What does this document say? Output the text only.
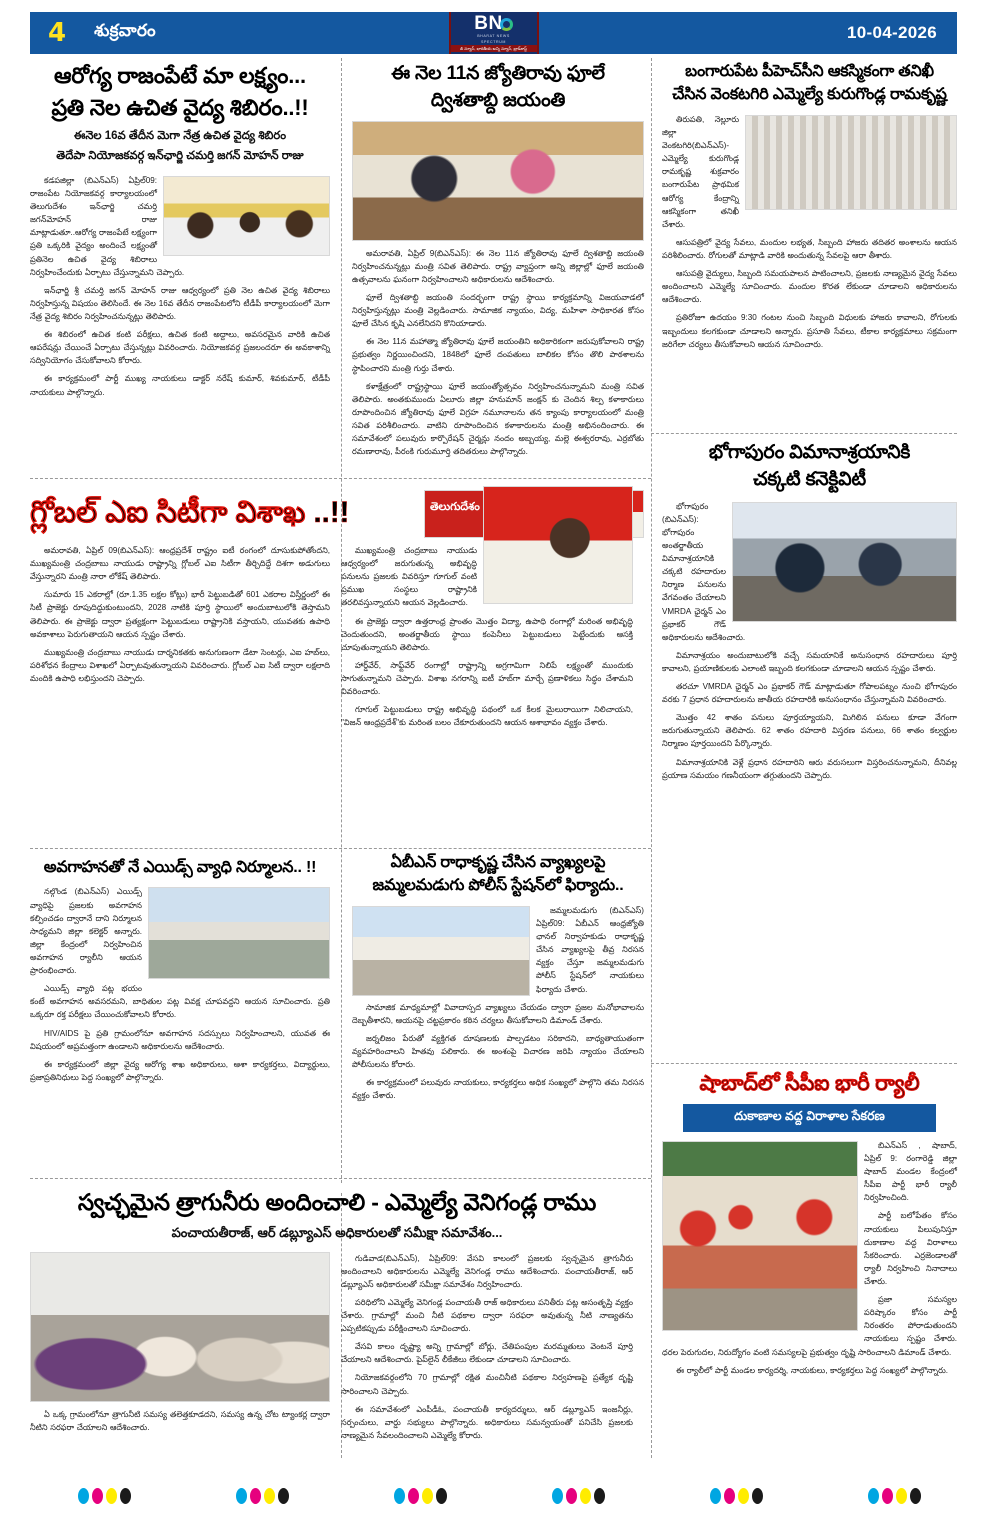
4 శుక్రవారం	BN
BHARAT NEWS
SPECTRUM
బి న్యూస్, భారతీయ అన్ని న్యూస్, బ్రాడ్‌కాస్ట్
10-04-2026
ఆరోగ్య రాజంపేటే మా లక్ష్యం...
ప్రతి నెల ఉచిత వైద్య శిబిరం..!!
ఈనెల 16వ తేదీన మెగా నేత్ర ఉచిత వైద్య శిబిరం
తెదేపా నియోజకవర్గ ఇన్‌ఛార్జి చమర్తి జగన్ మోహన్ రాజు

కడపజిల్లా (బిఎన్ఎస్) ఏప్రిల్09: రాజంపేట నియోజకవర్గ కార్యాలయంలో తెలుగుదేశం ఇన్‌ఛార్జి చమర్తి జగన్‌మోహన్ రాజు మాట్లాడుతూ..ఆరోగ్య రాజంపేటే లక్ష్యంగా ప్రతి ఒక్కరికి వైద్యం అందించే లక్ష్యంతో ప్రతినెల ఉచిత వైద్య శిబిరాలు నిర్వహించేందుకు ఏర్పాటు చేస్తున్నామని చెప్పారు.

ఇన్‌ఛార్జి శ్రీ చమర్తి జగన్ మోహన్ రాజు ఆధ్వర్యంలో ప్రతి నెల ఉచిత వైద్య శిబిరాలు నిర్వహిస్తున్న విషయం తెలిసిందే. ఈ నెల 16వ తేదీన రాజంపేటలోని టీడీపీ కార్యాలయంలో మెగా నేత్ర వైద్య శిబిరం నిర్వహించనున్నట్లు తెలిపారు.

ఈ శిబిరంలో ఉచిత కంటి పరీక్షలు, ఉచిత కంటి అద్దాలు, అవసరమైన వారికి ఉచిత ఆపరేషన్లు చేయించే ఏర్పాటు చేస్తున్నట్లు వివరించారు. నియోజకవర్గ ప్రజలందరూ ఈ అవకాశాన్ని సద్వినియోగం చేసుకోవాలని కోరారు.

ఈ కార్యక్రమంలో పార్టీ ముఖ్య నాయకులు డాక్టర్ నరేష్ కుమార్, శివకుమార్, టీడీపీ నాయకులు పాల్గొన్నారు.

ఈ నెల 11న జ్యోతిరావు ఫూలే
ద్విశతాబ్ది జయంతి

అమరావతి, ఏప్రిల్ 9(బిఎన్ఎస్): ఈ నెల 11న జ్యోతిరావు ఫూలే ద్విశతాబ్ది జయంతి నిర్వహించనున్నట్లు మంత్రి సవిత తెలిపారు. రాష్ట్ర వ్యాప్తంగా అన్ని జిల్లాల్లో ఫూలే జయంతి ఉత్సవాలను ఘనంగా నిర్వహించాలని అధికారులను ఆదేశించారు.

ఫూలే ద్విశతాబ్ది జయంతి సందర్భంగా రాష్ట్ర స్థాయి కార్యక్రమాన్ని విజయవాడలో నిర్వహిస్తున్నట్లు మంత్రి వెల్లడించారు. సామాజిక న్యాయం, విద్య, మహిళా సాధికారత కోసం ఫూలే చేసిన కృషి ఎనలేనిదని కొనియాడారు.

ఈ నెల 11న మహాత్మా జ్యోతిరావు ఫూలే జయంతిని అధికారికంగా జరుపుకోవాలని రాష్ట్ర ప్రభుత్వం నిర్ణయించిందని, 1848లో ఫూలే దంపతులు బాలికల కోసం తొలి పాఠశాలను స్థాపించారని మంత్రి గుర్తు చేశారు.

కళాక్షేత్రంలో రాష్ట్రస్థాయి ఫూలే జయంత్యోత్సవం నిర్వహించనున్నామని మంత్రి సవిత తెలిపారు. అంతకుముందు ఏలూరు జిల్లా హనుమాన్ జంక్షన్ కు చెందిన శిల్ప కళాకారులు రూపొందించిన జ్యోతిరావు ఫూలే విగ్రహ నమూనాలను తన క్యాంపు కార్యాలయంలో మంత్రి సవిత పరిశీలించారు. వాటిని రూపొందించిన కళాకారులను మంత్రి అభినందించారు. ఈ సమావేశంలో పలువురు కార్పొరేషన్ చైర్మన్లు నందం అబ్బయ్య, మల్లె ఈశ్వరరావు, ఎర్రబోతు రమణారావు, పీరంకి గురుమూర్తి తదితరులు పాల్గొన్నారు.

బంగారుపేట పీహెచ్‌సీని ఆకస్మికంగా తనిఖీ
చేసిన వెంకటగిరి ఎమ్మెల్యే కురుగొండ్ల రామకృష్ణ

తిరుపతి, నెల్లూరు జిల్లా వెంకటగిరి(బిఎన్ఎస్)-ఎమ్మెల్యే కురుగొండ్ల రామకృష్ణ శుక్రవారం బంగారుపేట ప్రాథమిక ఆరోగ్య కేంద్రాన్ని ఆకస్మికంగా తనిఖీ చేశారు.

ఆసుపత్రిలో వైద్య సేవలు, మందుల లభ్యత, సిబ్బంది హాజరు తదితర అంశాలను ఆయన పరిశీలించారు. రోగులతో మాట్లాడి వారికి అందుతున్న సేవలపై ఆరా తీశారు.

ఆసుపత్రి వైద్యులు, సిబ్బంది సమయపాలన పాటించాలని, ప్రజలకు నాణ్యమైన వైద్య సేవలు అందించాలని ఎమ్మెల్యే సూచించారు. మందుల కొరత లేకుండా చూడాలని అధికారులను ఆదేశించారు.

ప్రతిరోజూ ఉదయం 9:30 గంటల నుంచి సిబ్బంది విధులకు హాజరు కావాలని, రోగులకు ఇబ్బందులు కలగకుండా చూడాలని అన్నారు. ప్రసూతి సేవలు, టీకాల కార్యక్రమాలు సక్రమంగా జరిగేలా చర్యలు తీసుకోవాలని ఆయన సూచించారు.

గ్లోబల్ ఎఐ సిటీగా విశాఖ ..!!	తెలుగుదేశం

అమరావతి, ఏప్రిల్ 09(బిఎన్ఎస్): ఆంధ్రప్రదేశ్ రాష్ట్రం ఐటీ రంగంలో దూసుకుపోతోందని, ముఖ్యమంత్రి చంద్రబాబు నాయుడు రాష్ట్రాన్ని గ్లోబల్ ఎఐ సిటీగా తీర్చిదిద్దే దిశగా అడుగులు వేస్తున్నారని మంత్రి నారా లోకేష్ తెలిపారు.

సుమారు 15 ఎకరాల్లో (రూ.1.35 లక్షల కోట్లు) భారీ పెట్టుబడితో 601 ఎకరాల విస్తీర్ణంలో ఈ సిటీ ప్రాజెక్టు రూపుదిద్దుకుంటుందని, 2028 నాటికి పూర్తి స్థాయిలో అందుబాటులోకి తెస్తామని తెలిపారు. ఈ ప్రాజెక్టు ద్వారా ప్రత్యక్షంగా పెట్టుబడులు రాష్ట్రానికి వస్తాయని, యువతకు ఉపాధి అవకాశాలు పెరుగుతాయని ఆయన స్పష్టం చేశారు.

ముఖ్యమంత్రి చంద్రబాబు నాయుడు దార్శనికతకు అనుగుణంగా డేటా సెంటర్లు, ఎఐ హబ్‌లు, పరిశోధన కేంద్రాలు విశాఖలో ఏర్పాటవుతున్నాయని వివరించారు. గ్లోబల్ ఎఐ సిటీ ద్వారా లక్షలాది మందికి ఉపాధి లభిస్తుందని చెప్పారు.

ముఖ్యమంత్రి చంద్రబాబు నాయుడు ఆధ్వర్యంలో జరుగుతున్న అభివృద్ధి పనులను ప్రజలకు వివరిస్తూ గూగుల్ వంటి ప్రముఖ సంస్థలు రాష్ట్రానికి తరలివస్తున్నాయని ఆయన వెల్లడించారు.

ఈ ప్రాజెక్టు ద్వారా ఉత్తరాంధ్ర ప్రాంతం మొత్తం విద్యా, ఉపాధి రంగాల్లో మరింత అభివృద్ధి చెందుతుందని, అంతర్జాతీయ స్థాయి కంపెనీలు పెట్టుబడులు పెట్టేందుకు ఆసక్తి చూపుతున్నాయని తెలిపారు.

హార్డ్‌వేర్, సాఫ్ట్‌వేర్ రంగాల్లో రాష్ట్రాన్ని అగ్రగామిగా నిలిపే లక్ష్యంతో ముందుకు సాగుతున్నామని చెప్పారు. విశాఖ నగరాన్ని ఐటీ హబ్‌గా మార్చే ప్రణాళికలు సిద్ధం చేశామని వివరించారు.

గూగుల్ పెట్టుబడులు రాష్ట్ర అభివృద్ధి పథంలో ఒక కీలక మైలురాయిగా నిలిచాయని, "విజన్ ఆంధ్రప్రదేశ్"కు మరింత బలం చేకూరుతుందని ఆయన ఆశాభావం వ్యక్తం చేశారు.

అవగాహనతో నే ఎయిడ్స్ వ్యాధి నిర్మూలన.. !!

నల్గొండ (బిఎన్ఎస్) ఎయిడ్స్ వ్యాధిపై ప్రజలకు అవగాహన కల్పించడం ద్వారానే దాని నిర్మూలన సాధ్యమని జిల్లా కలెక్టర్ అన్నారు. జిల్లా కేంద్రంలో నిర్వహించిన అవగాహన ర్యాలీని ఆయన ప్రారంభించారు.

ఎయిడ్స్ వ్యాధి పట్ల భయం కంటే అవగాహన అవసరమని, బాధితుల పట్ల వివక్ష చూపవద్దని ఆయన సూచించారు. ప్రతి ఒక్కరూ రక్త పరీక్షలు చేయించుకోవాలని కోరారు.

HIV/AIDS పై ప్రతి గ్రామంలోనూ అవగాహన సదస్సులు నిర్వహించాలని, యువత ఈ విషయంలో అప్రమత్తంగా ఉండాలని అధికారులను ఆదేశించారు.

ఈ కార్యక్రమంలో జిల్లా వైద్య ఆరోగ్య శాఖ అధికారులు, ఆశా కార్యకర్తలు, విద్యార్థులు, ప్రజాప్రతినిధులు పెద్ద సంఖ్యలో పాల్గొన్నారు.

ఏబీఎన్ రాధాకృష్ణ చేసిన వ్యాఖ్యలపై
జమ్మలమడుగు పోలీస్ స్టేషన్‌లో ఫిర్యాదు..

జమ్మలమడుగు (బిఎన్ఎస్) ఏప్రిల్09: ఏబీఎన్ ఆంధ్రజ్యోతి ఛానల్ నిర్వాహకుడు రాధాకృష్ణ చేసిన వ్యాఖ్యలపై తీవ్ర నిరసన వ్యక్తం చేస్తూ జమ్మలమడుగు పోలీస్ స్టేషన్‌లో నాయకులు ఫిర్యాదు చేశారు.

సామాజిక మాధ్యమాల్లో వివాదాస్పద వ్యాఖ్యలు చేయడం ద్వారా ప్రజల మనోభావాలను దెబ్బతీశారని, ఆయనపై చట్టప్రకారం కఠిన చర్యలు తీసుకోవాలని డిమాండ్ చేశారు.

జర్నలిజం పేరుతో వ్యక్తిగత దూషణలకు పాల్పడటం సరికాదని, బాధ్యతాయుతంగా వ్యవహరించాలని హితవు పలికారు. ఈ అంశంపై విచారణ జరిపి న్యాయం చేయాలని పోలీసులను కోరారు.

ఈ కార్యక్రమంలో పలువురు నాయకులు, కార్యకర్తలు అధిక సంఖ్యలో పాల్గొని తమ నిరసన వ్యక్తం చేశారు.

భోగాపురం విమానాశ్రయానికి
చక్కటి కనెక్టివిటీ

భోగాపురం (బిఎన్ఎస్): భోగాపురం అంతర్జాతీయ విమానాశ్రయానికి చక్కటి రహదారుల నిర్మాణ పనులను వేగవంతం చేయాలని VMRDA ఛైర్మన్ ఎం ప్రభాకర్ గౌడ్ అధికారులను ఆదేశించారు.

విమానాశ్రయం అందుబాటులోకి వచ్చే సమయానికే అనుసంధాన రహదారులు పూర్తి కావాలని, ప్రయాణికులకు ఎలాంటి ఇబ్బంది కలగకుండా చూడాలని ఆయన స్పష్టం చేశారు.

తరచూ VMRDA ఛైర్మన్ ఎం ప్రభాకర్ గౌడ్ మాట్లాడుతూ గోపాలపట్నం నుంచి భోగాపురం వరకు 7 ప్రధాన రహదారులను జాతీయ రహదారికి అనుసంధానం చేస్తున్నామని వివరించారు.

మొత్తం 42 శాతం పనులు పూర్తయ్యాయని, మిగిలిన పనులు కూడా వేగంగా జరుగుతున్నాయని తెలిపారు. 62 శాతం రహదారి విస్తరణ పనులు, 66 శాతం కల్వర్టుల నిర్మాణం పూర్తయిందని పేర్కొన్నారు.

విమానాశ్రయానికి వెళ్లే ప్రధాన రహదారిని ఆరు వరుసలుగా విస్తరించనున్నామని, దీనివల్ల ప్రయాణ సమయం గణనీయంగా తగ్గుతుందని చెప్పారు.

షాబాద్‌లో సీపీఐ భారీ ర్యాలీ
దుకాణాల వద్ద విరాళాల సేకరణ

బిఎన్ఎస్ , షాబాద్, ఏప్రిల్ 9: రంగారెడ్డి జిల్లా షాబాద్ మండల కేంద్రంలో సీపీఐ పార్టీ భారీ ర్యాలీ నిర్వహించింది.

పార్టీ బలోపేతం కోసం నాయకులు పిలుపునిస్తూ దుకాణాల వద్ద విరాళాలు సేకరించారు. ఎర్రజెండాలతో ర్యాలీ నిర్వహించి నినాదాలు చేశారు.

ప్రజా సమస్యల పరిష్కారం కోసం పార్టీ నిరంతరం పోరాడుతుందని నాయకులు స్పష్టం చేశారు. ధరల పెరుగుదల, నిరుద్యోగం వంటి సమస్యలపై ప్రభుత్వం దృష్టి సారించాలని డిమాండ్ చేశారు.

ఈ ర్యాలీలో పార్టీ మండల కార్యదర్శి, నాయకులు, కార్యకర్తలు పెద్ద సంఖ్యలో పాల్గొన్నారు.

స్వచ్ఛమైన త్రాగునీరు అందించాలి - ఎమ్మెల్యే వెనిగండ్ల రాము
పంచాయతీరాజ్, ఆర్ డబ్ల్యూఎస్ అధికారులతో సమీక్షా సమావేశం...

ఏ ఒక్క గ్రామంలోనూ త్రాగునీటి సమస్య తలెత్తకూడదని, సమస్య ఉన్న చోట ట్యాంకర్ల ద్వారా నీటిని సరఫరా చేయాలని ఆదేశించారు.

గుడివాడ(బిఎన్ఎస్), ఏప్రిల్09: వేసవి కాలంలో ప్రజలకు స్వచ్ఛమైన త్రాగునీరు అందించాలని అధికారులను ఎమ్మెల్యే వెనిగండ్ల రాము ఆదేశించారు. పంచాయతీరాజ్, ఆర్ డబ్ల్యూఎస్ అధికారులతో సమీక్షా సమావేశం నిర్వహించారు.

పరిధిలోని ఎమ్మెల్యే వెనిగండ్ల పంచాయతీ రాజ్ అధికారులు పనితీరు పట్ల అసంతృప్తి వ్యక్తం చేశారు. గ్రామాల్లో మంచి నీటి పథకాల ద్వారా సరఫరా అవుతున్న నీటి నాణ్యతను ఎప్పటికప్పుడు పరీక్షించాలని సూచించారు.

వేసవి కాలం దృష్ట్యా అన్ని గ్రామాల్లో బోర్లు, చేతిపంపుల మరమ్మతులు వెంటనే పూర్తి చేయాలని ఆదేశించారు. పైప్‌లైన్ లీకేజీలు లేకుండా చూడాలని సూచించారు.

నియోజకవర్గంలోని 70 గ్రామాల్లో రక్షిత మంచినీటి పథకాల నిర్వహణపై ప్రత్యేక దృష్టి సారించాలని చెప్పారు.

ఈ సమావేశంలో ఎంపీడీఓ, పంచాయతీ కార్యదర్శులు, ఆర్ డబ్ల్యూఎస్ ఇంజనీర్లు, సర్పంచులు, వార్డు సభ్యులు పాల్గొన్నారు. అధికారులు సమన్వయంతో పనిచేసి ప్రజలకు నాణ్యమైన సేవలందించాలని ఎమ్మెల్యే కోరారు.
